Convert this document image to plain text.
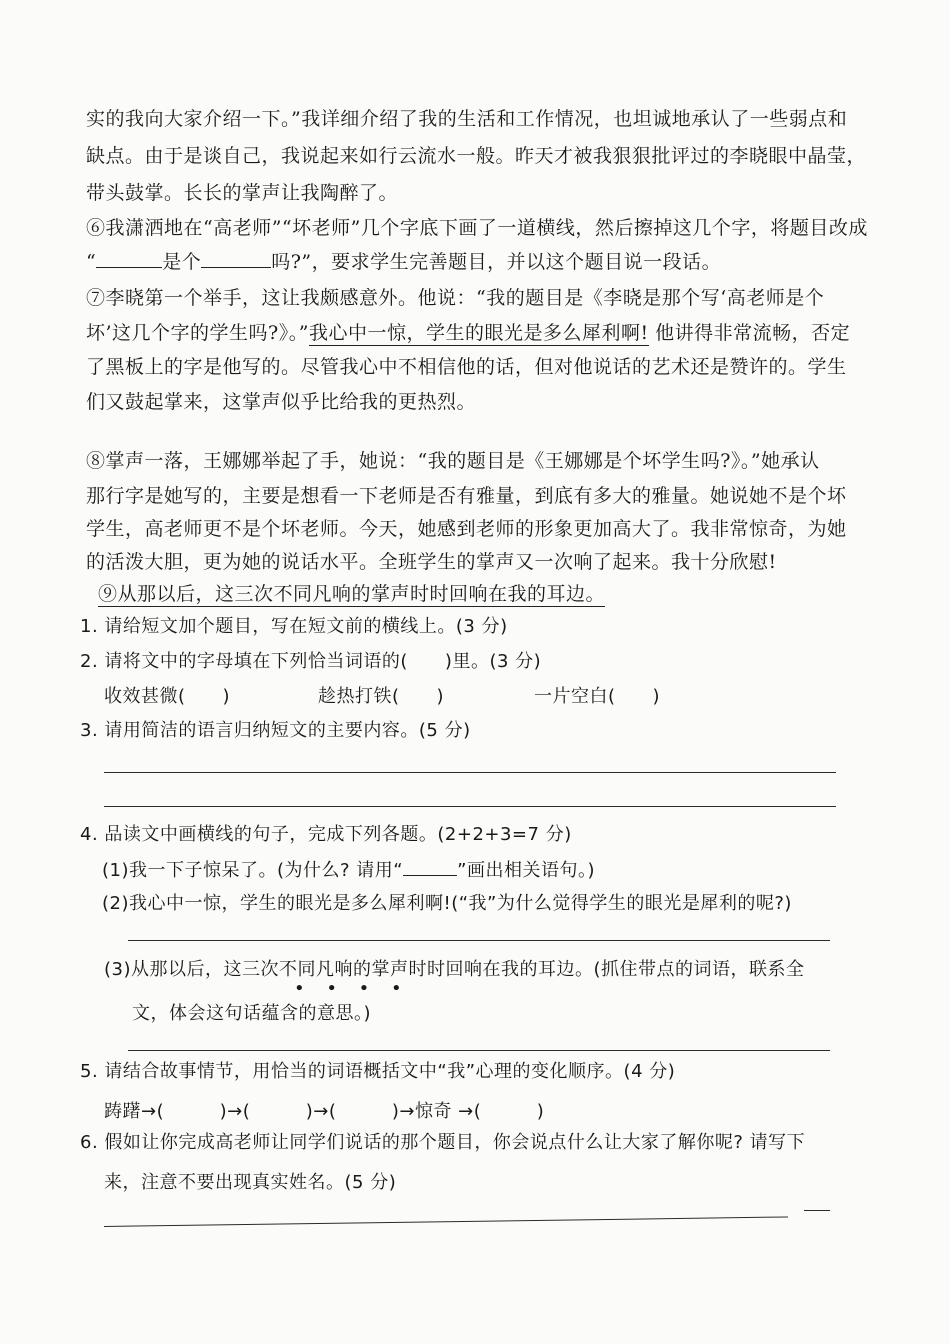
实的我向大家介绍一下。”我详细介绍了我的生活和工作情况，也坦诚地承认了一些弱点和
缺点。由于是谈自己，我说起来如行云流水一般。昨天才被我狠狠批评过的李晓眼中晶莹，
带头鼓掌。长长的掌声让我陶醉了。
⑥我潇洒地在“高老师”“坏老师”几个字底下画了一道横线，然后擦掉这几个字，将题目改成
“	是个	吗?”，要求学生完善题目，并以这个题目说一段话。
⑦李晓第一个举手，这让我颇感意外。他说：“我的题目是《李晓是那个写‘高老师是个
坏’这几个字的学生吗?》。”我心中一惊，学生的眼光是多么犀利啊! 他讲得非常流畅，否定
了黑板上的字是他写的。尽管我心中不相信他的话，但对他说话的艺术还是赞许的。学生
们又鼓起掌来，这掌声似乎比给我的更热烈。
⑧掌声一落，王娜娜举起了手，她说：“我的题目是《王娜娜是个坏学生吗?》。”她承认
那行字是她写的，主要是想看一下老师是否有雅量，到底有多大的雅量。她说她不是个坏
学生，高老师更不是个坏老师。今天，她感到老师的形象更加高大了。我非常惊奇，为她
的活泼大胆，更为她的说话水平。全班学生的掌声又一次响了起来。我十分欣慰!
⑨从那以后，这三次不同凡响的掌声时时回响在我的耳边。
1. 请给短文加个题目，写在短文前的横线上。(3 分)
2. 请将文中的字母填在下列恰当词语的(　　)里。(3 分)
收效甚微(　　)	趁热打铁(　　)	一片空白(　　)
3. 请用简洁的语言归纳短文的主要内容。(5 分)
4. 品读文中画横线的句子，完成下列各题。(2+2+3=7 分)
(1)我一下子惊呆了。(为什么? 请用“	”画出相关语句。)
(2)我心中一惊，学生的眼光是多么犀利啊!(“我”为什么觉得学生的眼光是犀利的呢?)
(3)从那以后，这三次不同凡响的掌声时时回响在我的耳边。(抓住带点的词语，联系全
• • • •
文，体会这句话蕴含的意思。)
5. 请结合故事情节，用恰当的词语概括文中“我”心理的变化顺序。(4 分)
踌躇→(　　　)→(　　　)→(　　　)→惊奇 →(　　　)
6. 假如让你完成高老师让同学们说话的那个题目，你会说点什么让大家了解你呢? 请写下
来，注意不要出现真实姓名。(5 分)
